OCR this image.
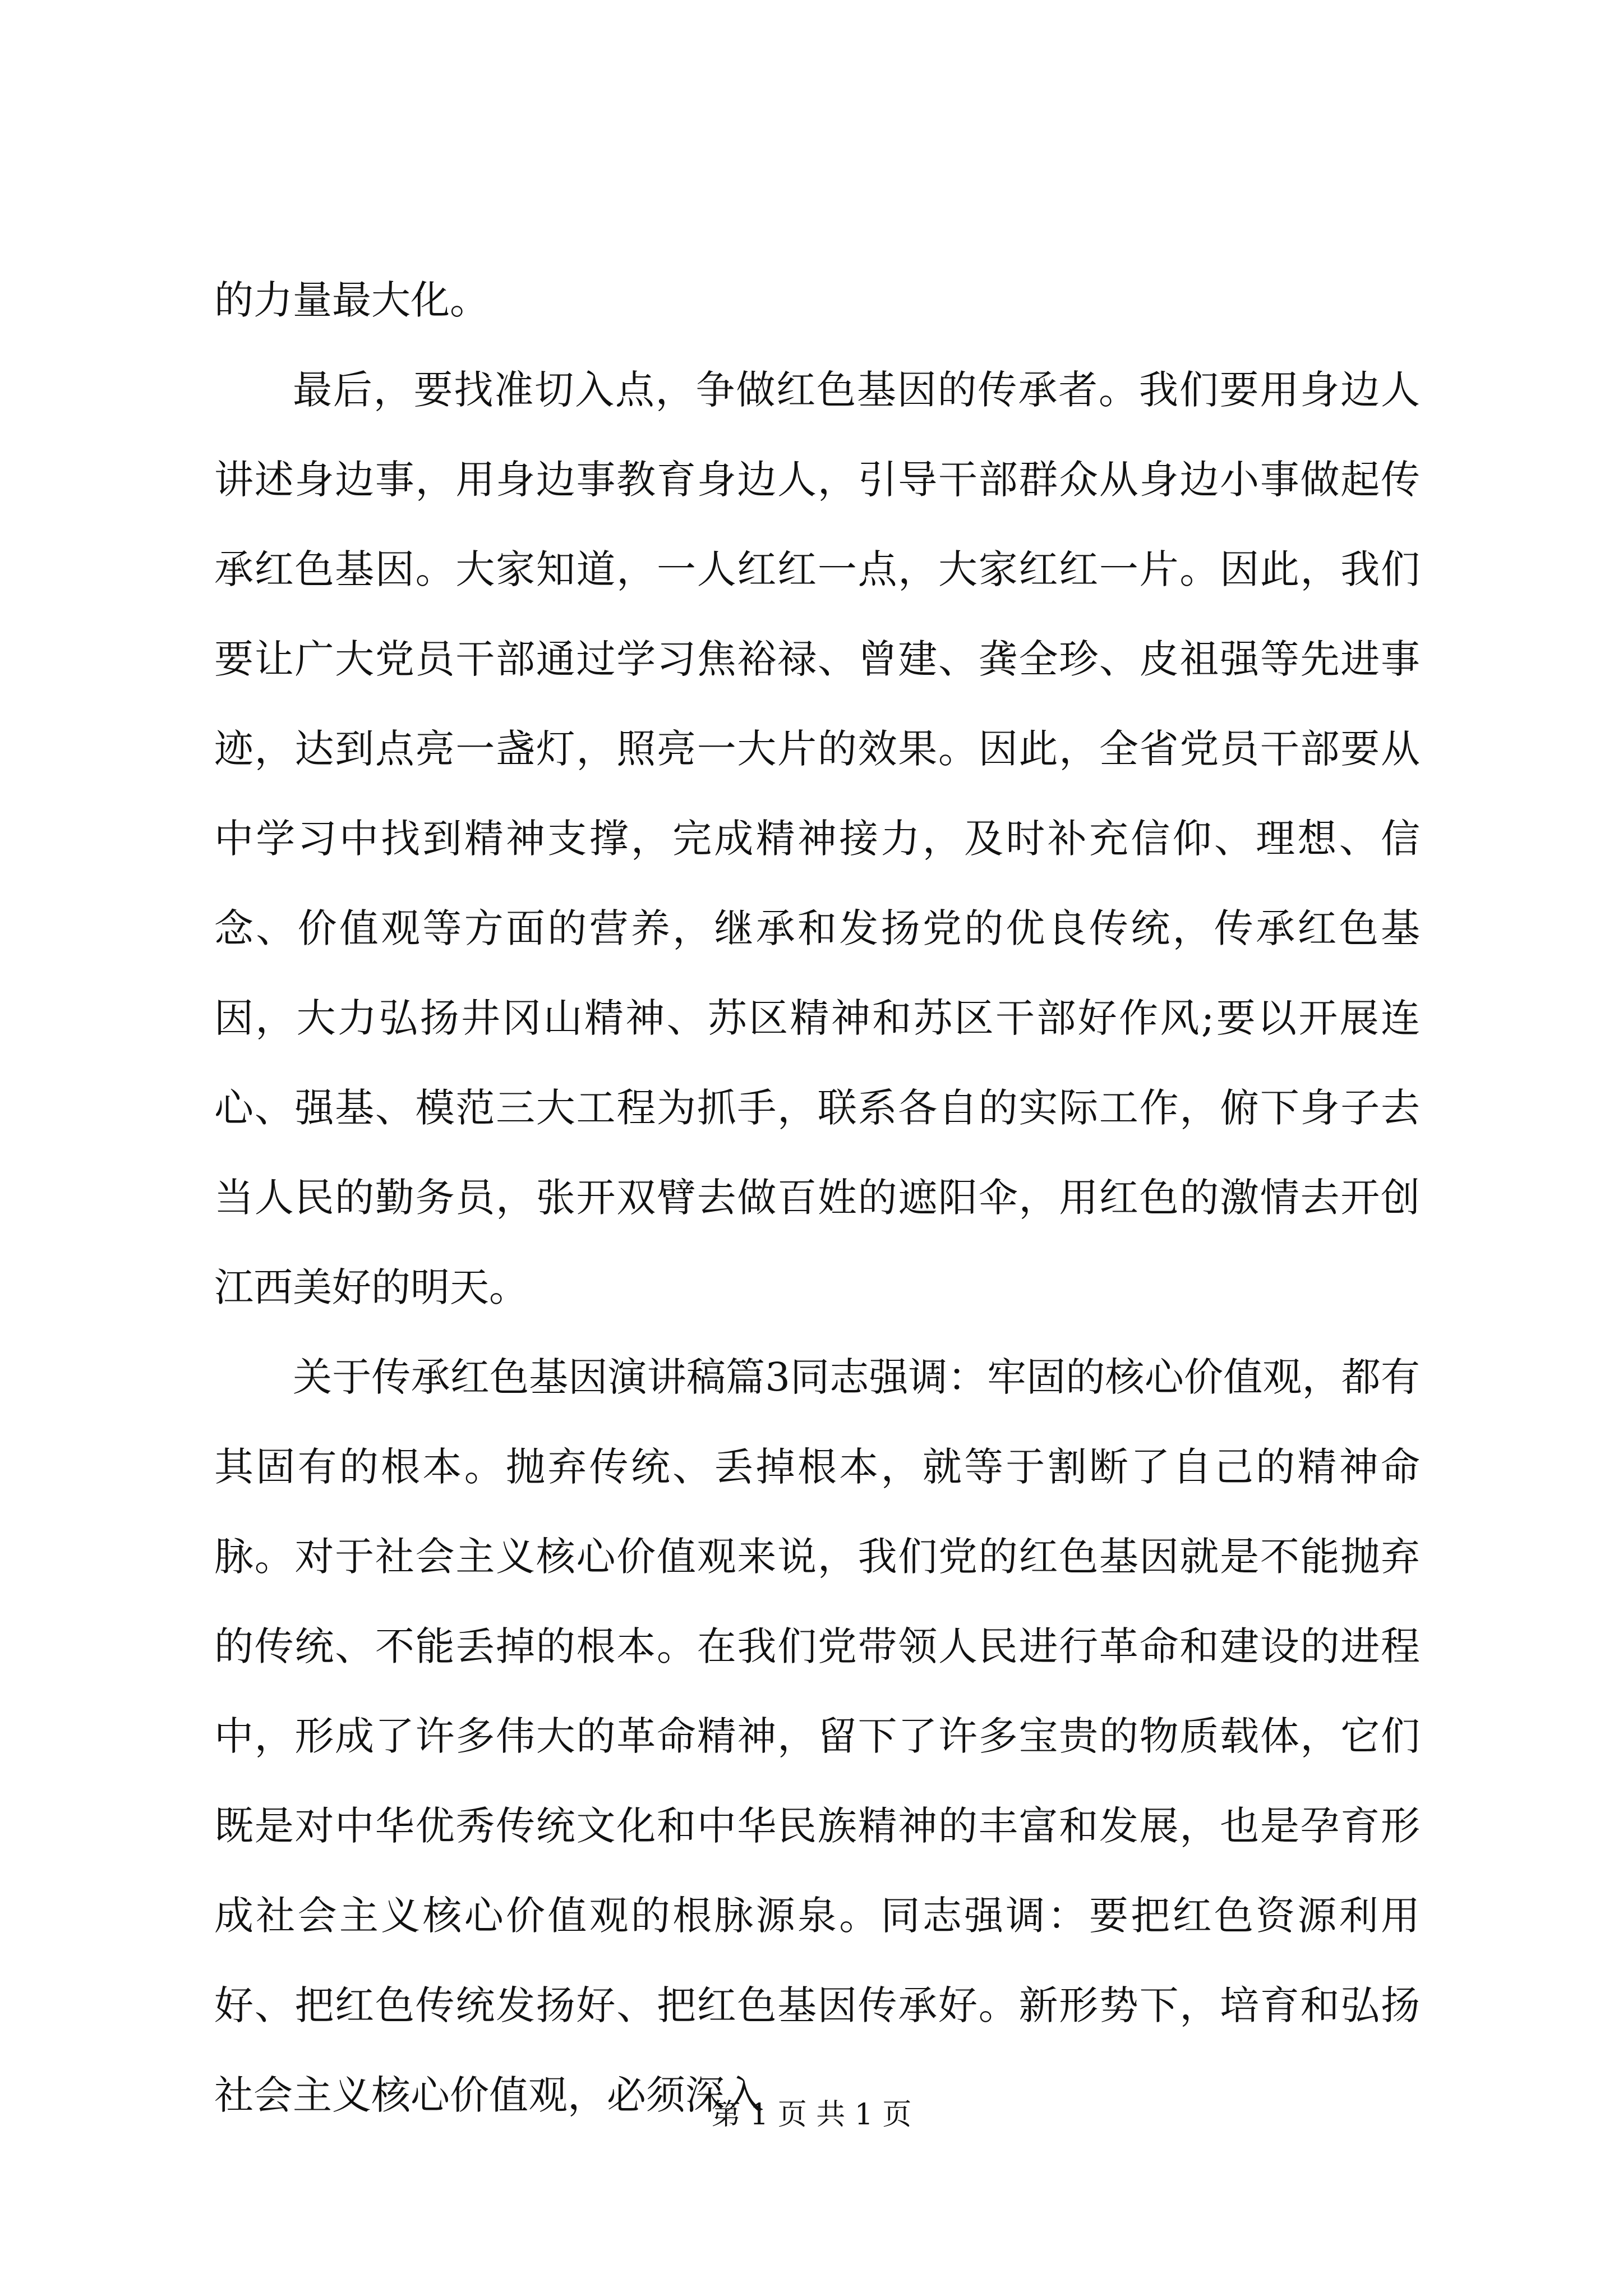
的力量最大化。

最后，要找准切入点，争做红色基因的传承者。我们要用身边人讲述身边事，用身边事教育身边人，引导干部群众从身边小事做起传承红色基因。大家知道，一人红红一点，大家红红一片。因此，我们要让广大党员干部通过学习焦裕禄、曾建、龚全珍、皮祖强等先进事迹，达到点亮一盏灯，照亮一大片的效果。因此，全省党员干部要从中学习中找到精神支撑，完成精神接力，及时补充信仰、理想、信念、价值观等方面的营养，继承和发扬党的优良传统，传承红色基因，大力弘扬井冈山精神、苏区精神和苏区干部好作风;要以开展连心、强基、模范三大工程为抓手，联系各自的实际工作，俯下身子去当人民的勤务员，张开双臂去做百姓的遮阳伞，用红色的激情去开创江西美好的明天。

关于传承红色基因演讲稿篇3同志强调：牢固的核心价值观，都有其固有的根本。抛弃传统、丢掉根本，就等于割断了自己的精神命脉。对于社会主义核心价值观来说，我们党的红色基因就是不能抛弃的传统、不能丢掉的根本。在我们党带领人民进行革命和建设的进程中，形成了许多伟大的革命精神，留下了许多宝贵的物质载体，它们既是对中华优秀传统文化和中华民族精神的丰富和发展，也是孕育形成社会主义核心价值观的根脉源泉。同志强调：要把红色资源利用好、把红色传统发扬好、把红色基因传承好。新形势下，培育和弘扬社会主义核心价值观，必须深入

第 1 页 共 1 页
